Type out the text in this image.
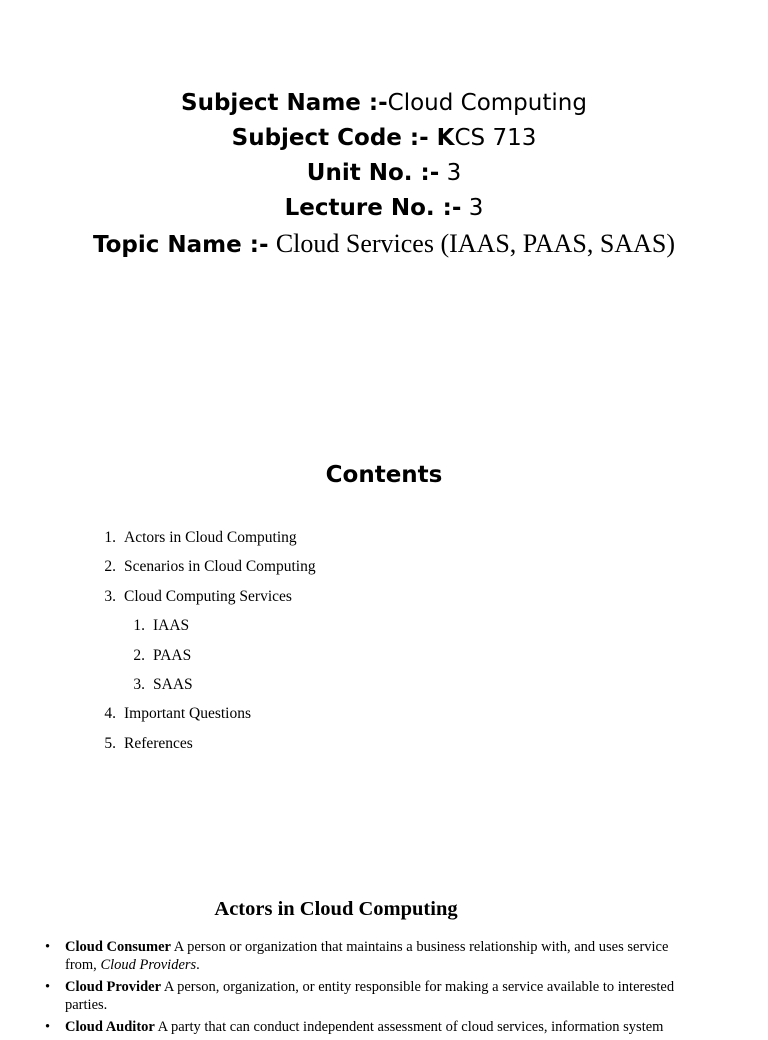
Subject Name :-Cloud Computing
Subject Code :- KCS 713
Unit No. :- 3
Lecture No. :- 3
Topic Name :- Cloud Services (IAAS, PAAS, SAAS)
Contents
1. Actors in Cloud Computing
2. Scenarios in Cloud Computing
3. Cloud Computing Services
1. IAAS
2. PAAS
3. SAAS
4. Important Questions
5. References
Actors in Cloud Computing
• Cloud Consumer A person or organization that maintains a business relationship with, and uses service from, Cloud Providers.
• Cloud Provider A person, organization, or entity responsible for making a service available to interested parties.
• Cloud Auditor A party that can conduct independent assessment of cloud services, information system
